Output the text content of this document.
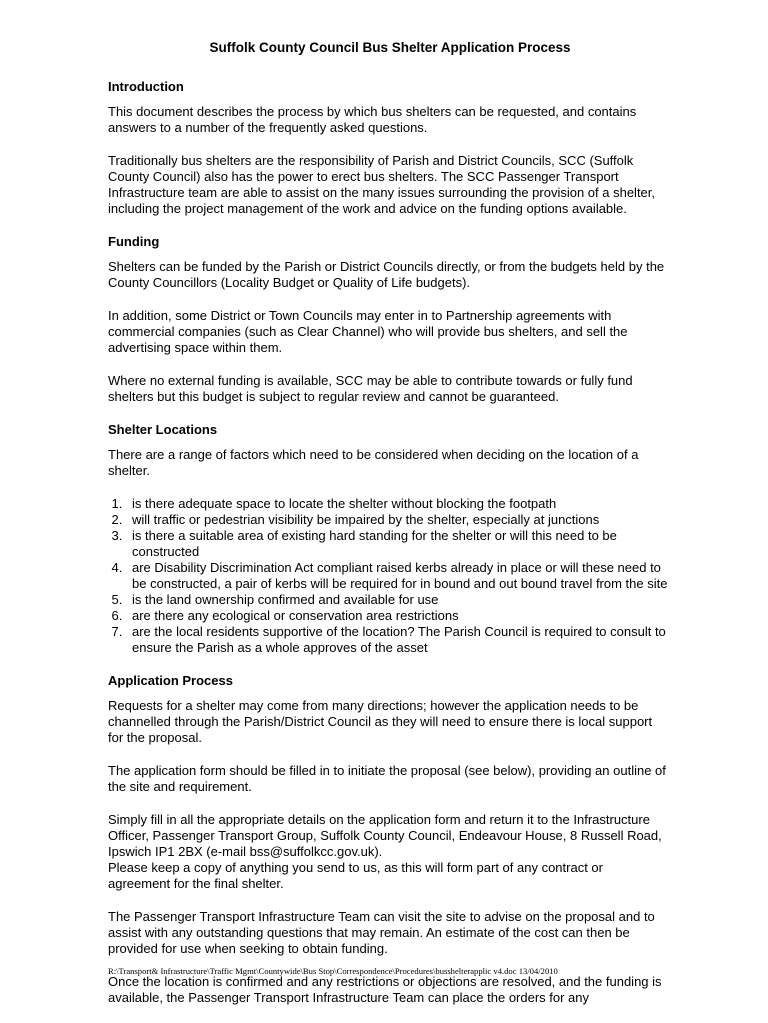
Suffolk County Council Bus Shelter Application Process
Introduction

This document describes the process by which bus shelters can be requested, and contains answers to a number of the frequently asked questions.

Traditionally bus shelters are the responsibility of Parish and District Councils, SCC (Suffolk County Council) also has the power to erect bus shelters. The SCC Passenger Transport Infrastructure team are able to assist on the many issues surrounding the provision of a shelter, including the project management of the work and advice on the funding options available.

Funding

Shelters can be funded by the Parish or District Councils directly, or from the budgets held by the County Councillors (Locality Budget or Quality of Life budgets).

In addition, some District or Town Councils may enter in to Partnership agreements with commercial companies (such as Clear Channel) who will provide bus shelters, and sell the advertising space within them.

Where no external funding is available, SCC may be able to contribute towards or fully fund shelters but this budget is subject to regular review and cannot be guaranteed.

Shelter Locations

There are a range of factors which need to be considered when deciding on the location of a shelter.

1. is there adequate space to locate the shelter without blocking the footpath
2. will traffic or pedestrian visibility be impaired by the shelter, especially at junctions
3. is there a suitable area of existing hard standing for the shelter or will this need to be constructed
4. are Disability Discrimination Act compliant raised kerbs already in place or will these need to be constructed, a pair of kerbs will be required for in bound and out bound travel from the site
5. is the land ownership confirmed and available for use
6. are there any ecological or conservation area restrictions
7. are the local residents supportive of the location? The Parish Council is required to consult to ensure the Parish as a whole approves of the asset
Application Process

Requests for a shelter may come from many directions; however the application needs to be channelled through the Parish/District Council as they will need to ensure there is local support for the proposal.

The application form should be filled in to initiate the proposal (see below), providing an outline of the site and requirement.

Simply fill in all the appropriate details on the application form and return it to the Infrastructure Officer, Passenger Transport Group, Suffolk County Council, Endeavour House, 8 Russell Road, Ipswich IP1 2BX (e-mail bss@suffolkcc.gov.uk).

Please keep a copy of anything you send to us, as this will form part of any contract or agreement for the final shelter.

The Passenger Transport Infrastructure Team can visit the site to advise on the proposal and to assist with any outstanding questions that may remain. An estimate of the cost can then be provided for use when seeking to obtain funding.

Once the location is confirmed and any restrictions or objections are resolved, and the funding is available, the Passenger Transport Infrastructure Team can place the orders for any

R:\Transport& Infrastructure\Traffic Mgmt\Countywide\Bus Stop\Correspondence\Procedures\busshelterapplic v4.doc 13/04/2010
